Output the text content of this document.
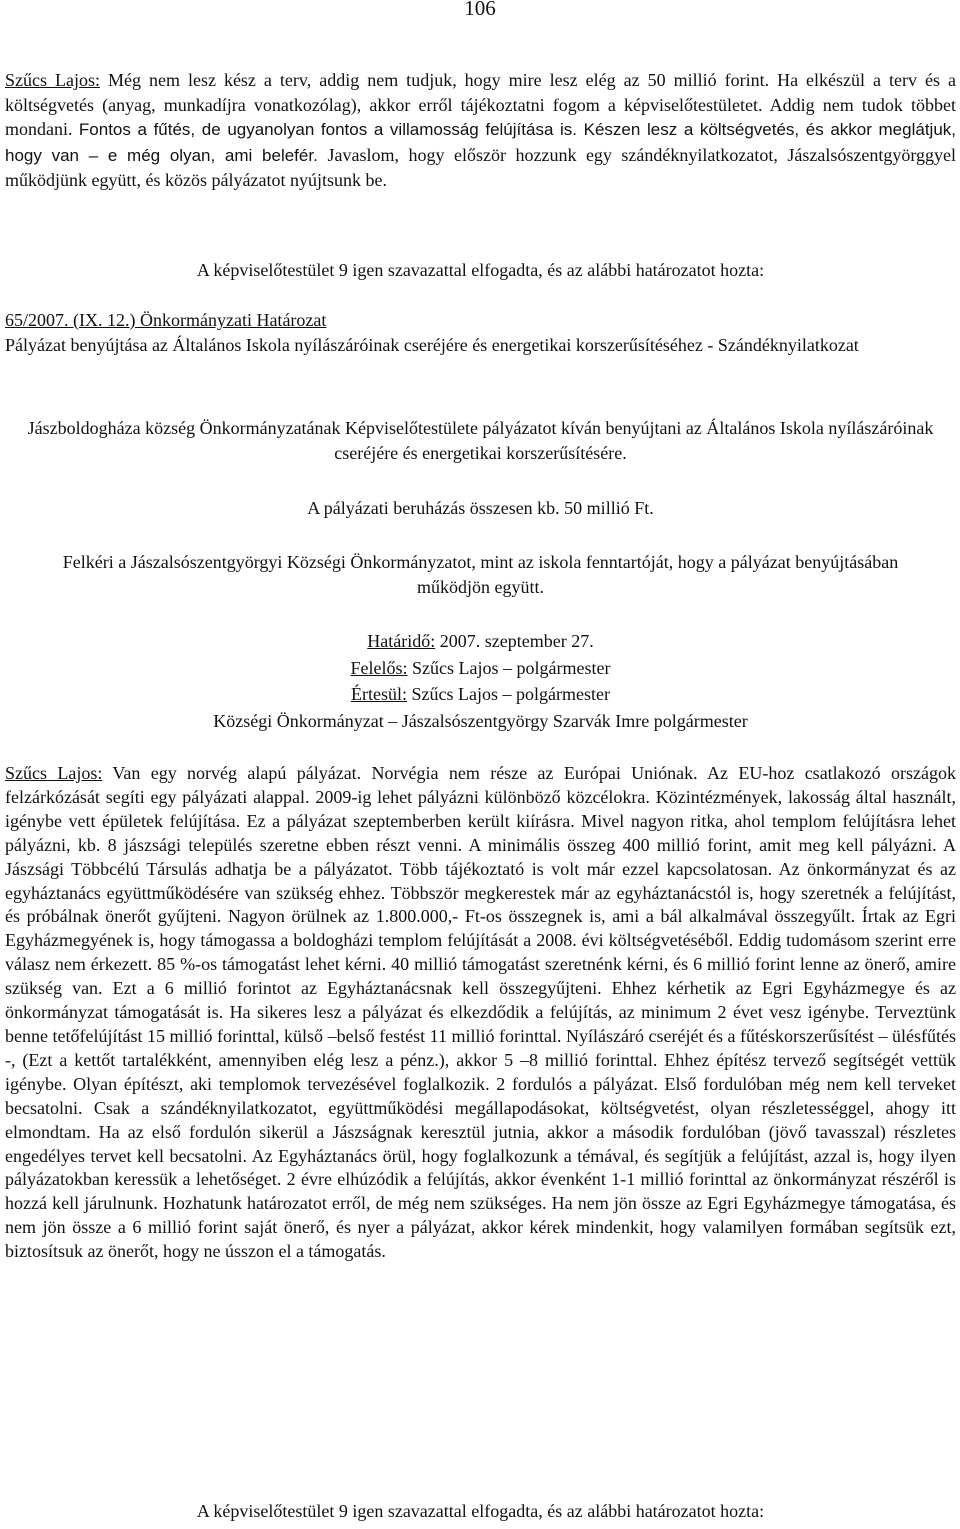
106

Szűcs Lajos: Még nem lesz kész a terv, addig nem tudjuk, hogy mire lesz elég az 50 millió forint. Ha elkészül a terv és a költségvetés (anyag, munkadíjra vonatkozólag), akkor erről tájékoztatni fogom a képviselőtestületet. Addig nem tudok többet mondani. Fontos a fűtés, de ugyanolyan fontos a villamosság felújítása is. Készen lesz a költségvetés, és akkor meglátjuk, hogy van – e még olyan, ami belefér. Javaslom, hogy először hozzunk egy szándéknyilatkozatot, Jászalsószentgyörggyel működjünk együtt, és közös pályázatot nyújtsunk be.

A képviselőtestület 9 igen szavazattal elfogadta, és az alábbi határozatot hozta:

65/2007. (IX. 12.) Önkormányzati Határozat

Pályázat benyújtása az Általános Iskola nyílászáróinak cseréjére és energetikai korszerűsítéséhez - Szándéknyilatkozat

Jászboldogháza község Önkormányzatának Képviselőtestülete pályázatot kíván benyújtani az Általános Iskola nyílászáróinak cseréjére és energetikai korszerűsítésére.
A pályázati beruházás összesen kb. 50 millió Ft.
Felkéri a Jászalsószentgyörgyi Községi Önkormányzatot, mint az iskola fenntartóját, hogy a pályázat benyújtásában működjön együtt.
Határidő: 2007. szeptember 27.
Felelős: Szűcs Lajos – polgármester
Értesül: Szűcs Lajos – polgármester
Községi Önkormányzat – Jászalsószentgyörgy Szarvák Imre polgármester

Szűcs Lajos: Van egy norvég alapú pályázat. Norvégia nem része az Európai Uniónak. Az EU-hoz csatlakozó országok felzárkózását segíti egy pályázati alappal. 2009-ig lehet pályázni különböző közcélokra. Közintézmények, lakosság által használt, igénybe vett épületek felújítása. Ez a pályázat szeptemberben került kiírásra. Mivel nagyon ritka, ahol templom felújításra lehet pályázni, kb. 8 jászsági település szeretne ebben részt venni. A minimális összeg 400 millió forint, amit meg kell pályázni. A Jászsági Többcélú Társulás adhatja be a pályázatot. Több tájékoztató is volt már ezzel kapcsolatosan. Az önkormányzat és az egyháztanács együttműködésére van szükség ehhez. Többször megkerestek már az egyháztanácstól is, hogy szeretnék a felújítást, és próbálnak önerőt gyűjteni. Nagyon örülnek az 1.800.000,- Ft-os összegnek is, ami a bál alkalmával összegyűlt. Írtak az Egri Egyházmegyének is, hogy támogassa a boldogházi templom felújítását a 2008. évi költségvetéséből. Eddig tudomásom szerint erre válasz nem érkezett. 85 %-os támogatást lehet kérni. 40 millió támogatást szeretnénk kérni, és 6 millió forint lenne az önerő, amire szükség van. Ezt a 6 millió forintot az Egyháztanácsnak kell összegyűjteni. Ehhez kérhetik az Egri Egyházmegye és az önkormányzat támogatását is. Ha sikeres lesz a pályázat és elkezdődik a felújítás, az minimum 2 évet vesz igénybe. Terveztünk benne tetőfelújítást 15 millió forinttal, külső –belső festést 11 millió forinttal. Nyílászáró cseréjét és a fűtéskorszerűsítést – ülésfűtés -, (Ezt a kettőt tartalékként, amennyiben elég lesz a pénz.), akkor 5 –8 millió forinttal. Ehhez építész tervező segítségét vettük igénybe. Olyan építészt, aki templomok tervezésével foglalkozik. 2 fordulós a pályázat. Első fordulóban még nem kell terveket becsatolni. Csak a szándéknyilatkozatot, együttműködési megállapodásokat, költségvetést, olyan részletességgel, ahogy itt elmondtam. Ha az első fordulón sikerül a Jászságnak keresztül jutnia, akkor a második fordulóban (jövő tavasszal) részletes engedélyes tervet kell becsatolni. Az Egyháztanács örül, hogy foglalkozunk a témával, és segítjük a felújítást, azzal is, hogy ilyen pályázatokban keressük a lehetőséget. 2 évre elhúzódik a felújítás, akkor évenként 1-1 millió forinttal az önkormányzat részéről is hozzá kell járulnunk. Hozhatunk határozatot erről, de még nem szükséges. Ha nem jön össze az Egri Egyházmegye támogatása, és nem jön össze a 6 millió forint saját önerő, és nyer a pályázat, akkor kérek mindenkit, hogy valamilyen formában segítsük ezt, biztosítsuk az önerőt, hogy ne ússzon el a támogatás.

A képviselőtestület 9 igen szavazattal elfogadta, és az alábbi határozatot hozta:
